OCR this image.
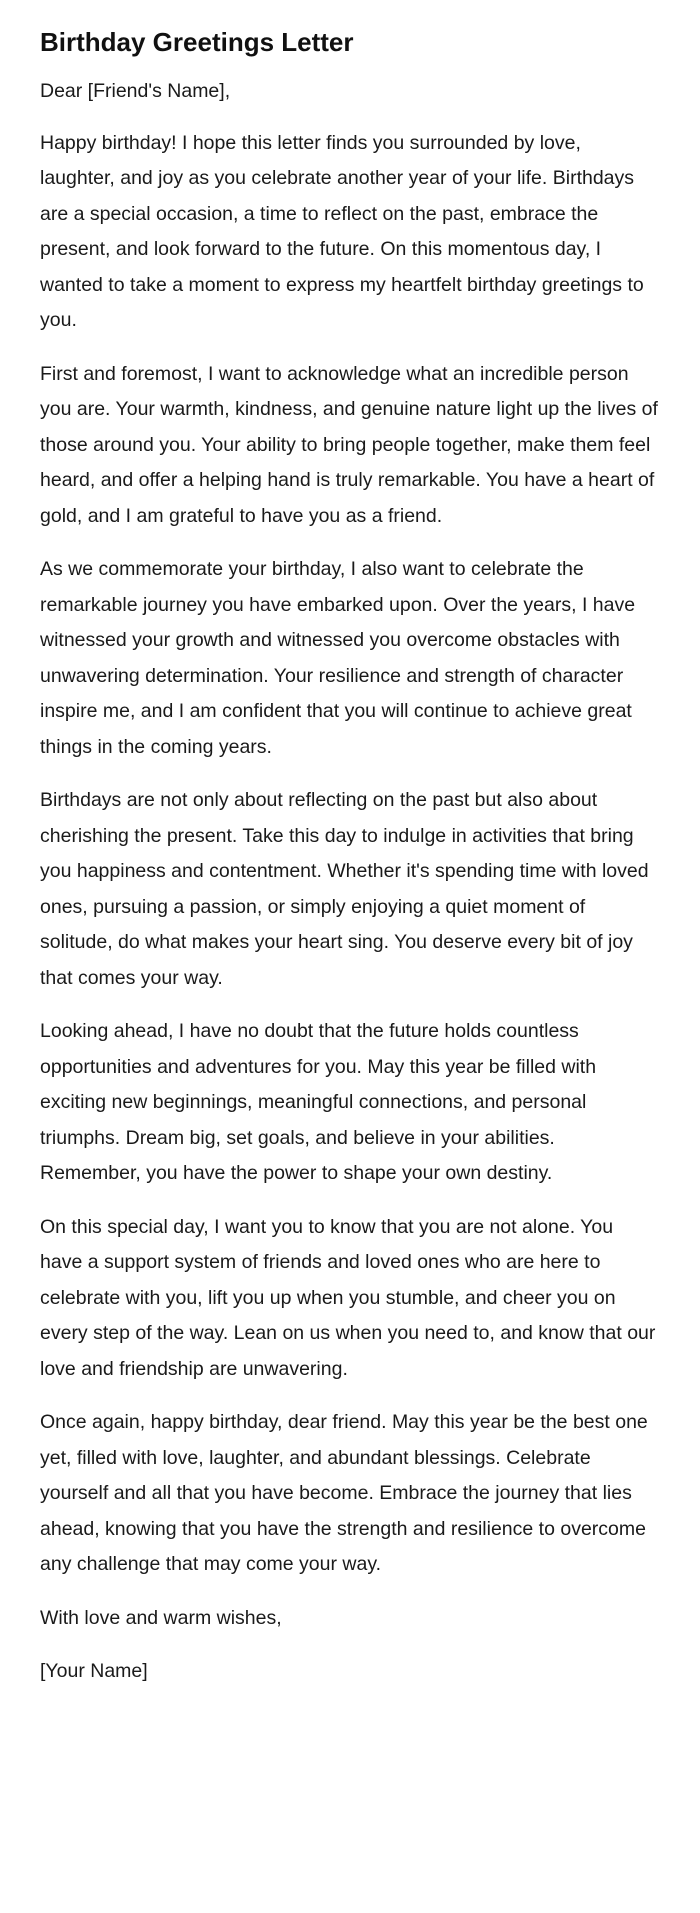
Birthday Greetings Letter

Dear [Friend's Name],

Happy birthday! I hope this letter finds you surrounded by love, laughter, and joy as you celebrate another year of your life. Birthdays are a special occasion, a time to reflect on the past, embrace the present, and look forward to the future. On this momentous day, I wanted to take a moment to express my heartfelt birthday greetings to you.

First and foremost, I want to acknowledge what an incredible person you are. Your warmth, kindness, and genuine nature light up the lives of those around you. Your ability to bring people together, make them feel heard, and offer a helping hand is truly remarkable. You have a heart of gold, and I am grateful to have you as a friend.

As we commemorate your birthday, I also want to celebrate the remarkable journey you have embarked upon. Over the years, I have witnessed your growth and witnessed you overcome obstacles with unwavering determination. Your resilience and strength of character inspire me, and I am confident that you will continue to achieve great things in the coming years.

Birthdays are not only about reflecting on the past but also about cherishing the present. Take this day to indulge in activities that bring you happiness and contentment. Whether it's spending time with loved ones, pursuing a passion, or simply enjoying a quiet moment of solitude, do what makes your heart sing. You deserve every bit of joy that comes your way.

Looking ahead, I have no doubt that the future holds countless opportunities and adventures for you. May this year be filled with exciting new beginnings, meaningful connections, and personal triumphs. Dream big, set goals, and believe in your abilities. Remember, you have the power to shape your own destiny.

On this special day, I want you to know that you are not alone. You have a support system of friends and loved ones who are here to celebrate with you, lift you up when you stumble, and cheer you on every step of the way. Lean on us when you need to, and know that our love and friendship are unwavering.

Once again, happy birthday, dear friend. May this year be the best one yet, filled with love, laughter, and abundant blessings. Celebrate yourself and all that you have become. Embrace the journey that lies ahead, knowing that you have the strength and resilience to overcome any challenge that may come your way.

With love and warm wishes,

[Your Name]
